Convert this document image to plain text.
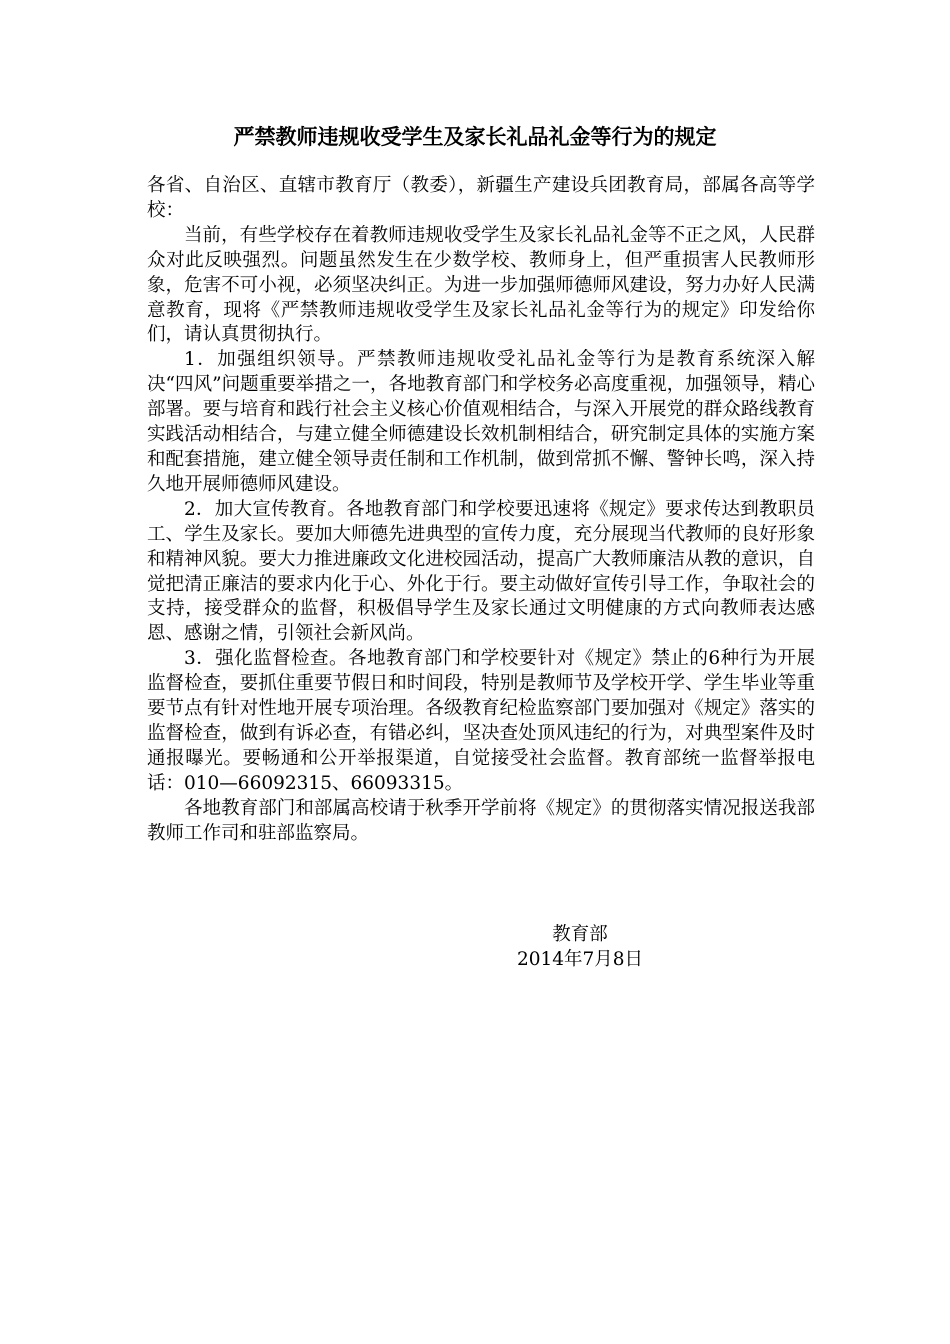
严禁教师违规收受学生及家长礼品礼金等行为的规定

各省、自治区、直辖市教育厅（教委），新疆生产建设兵团教育局，部属各高等学校：

当前，有些学校存在着教师违规收受学生及家长礼品礼金等不正之风，人民群众对此反映强烈。问题虽然发生在少数学校、教师身上，但严重损害人民教师形象，危害不可小视，必须坚决纠正。为进一步加强师德师风建设，努力办好人民满意教育，现将《严禁教师违规收受学生及家长礼品礼金等行为的规定》印发给你们，请认真贯彻执行。

1．加强组织领导。严禁教师违规收受礼品礼金等行为是教育系统深入解决“四风”问题重要举措之一，各地教育部门和学校务必高度重视，加强领导，精心部署。要与培育和践行社会主义核心价值观相结合，与深入开展党的群众路线教育实践活动相结合，与建立健全师德建设长效机制相结合，研究制定具体的实施方案和配套措施，建立健全领导责任制和工作机制，做到常抓不懈、警钟长鸣，深入持久地开展师德师风建设。

2．加大宣传教育。各地教育部门和学校要迅速将《规定》要求传达到教职员工、学生及家长。要加大师德先进典型的宣传力度，充分展现当代教师的良好形象和精神风貌。要大力推进廉政文化进校园活动，提高广大教师廉洁从教的意识，自觉把清正廉洁的要求内化于心、外化于行。要主动做好宣传引导工作，争取社会的支持，接受群众的监督，积极倡导学生及家长通过文明健康的方式向教师表达感恩、感谢之情，引领社会新风尚。

3．强化监督检查。各地教育部门和学校要针对《规定》禁止的6种行为开展监督检查，要抓住重要节假日和时间段，特别是教师节及学校开学、学生毕业等重要节点有针对性地开展专项治理。各级教育纪检监察部门要加强对《规定》落实的监督检查，做到有诉必查，有错必纠，坚决查处顶风违纪的行为，对典型案件及时通报曝光。要畅通和公开举报渠道，自觉接受社会监督。教育部统一监督举报电话：010—66092315、66093315。

各地教育部门和部属高校请于秋季开学前将《规定》的贯彻落实情况报送我部教师工作司和驻部监察局。

教育部
2014年7月8日
